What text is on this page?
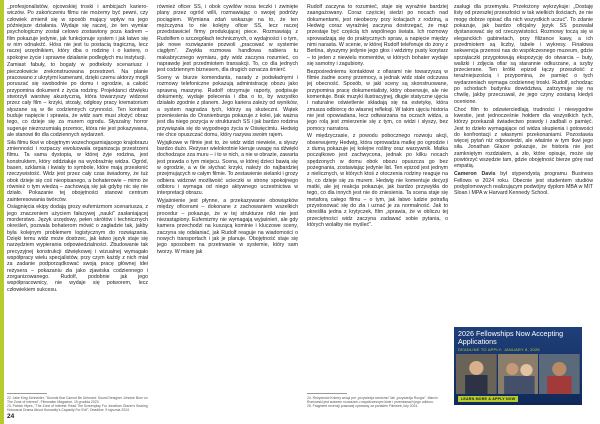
_profesjonalistów, ojcowskiej troski i ambicjach karierowiczów. Po zakończeniu filmu nie możemy być pewni, czy człowiek zmienił się w sposób mający wpływ na jego późniejsze działania. Wydaje się raczej, że ten wymiar psychologiczny został celowo zostawiony poza kadrem – film pokazuje jedynie, jak funkcjonuje system i jak łatwo się w nim odnaleźć. Höss nie jest tu postacią tragiczną, lecz raczej urzędnikiem, który dba o rodzinę i o karierę, o spokojne życie i sprawne działanie podległych mu instytucji.

Zamiast fabuły, to bogaty w podteksty scenariusz i pieczołowicie zrekonstruowana przestrzeń. Na planie pracowano z ukrytymi kamerami, dzięki czemu aktorzy mogli poruszać się swobodnie po domu i ogrodzie, a całość przypomina dokument z życia rodziny. Projektanci dźwięku stworzyli warstwę akustyczną, która towarzyszy widzowi przez cały film – krzyki, strzały, odgłosy pracy krematorium słyszane są w tle codziennych czynności. Ten kontrast buduje napięcie i sprawia, że widz sam musi złożyć obraz tego, co dzieje się za murem ogrodu. Słyszalny horror sugeruje niezrozumiałą przemoc, która nie jest pokazywana, ale stanowi tło dla codziennych wydarzeń.

Siła filmu tkwi w obojętnym wszechogarniającego krajobrazu zmienności i rozpaczy ewoluowała organizacja przestrzeni filmu. Ta sama dystopia, w której żyje rodzina, jest konstruktem, który oddziałuje na wyobraźnię widza. Ogród, basen, szklarnia i kwiaty to symbole, które mają przesłonić rzeczywistość. Widz jest przez cały czas świadomy, że tuż obok dzieje się coś nieopisanego, a bohaterowie – mimo że również o tym wiedzą – zachowują się jak gdyby nic się nie działo. Pokazanie tej obojętności stanowi centrum zainteresowania twórców.

Osiągnięcia ekipy dodają grozy eufemizmom scenariusza, z jego znaczeniem użyciem fałszywej „nauki” zasłaniającej morderstwo. Język urzędowy, pełen skrótów i technicznych określeń, pozwala bohaterom mówić o zagładzie tak, jakby była kolejnym problemem logistycznym do rozwiązania. Dzięki temu widz może dostrzec, jak łatwo język staje się narzędziem wypierania odpowiedzialności. Zbudowanie tak precyzyjnej konstrukcji dźwiękowej i wizualnej wymagało współpracy wielu specjalistów, przy czym każdy z nich miał za zadanie podporządkować swoją pracę głównej idei reżysera – pokazaniu zła jako zjawiska codziennego i zorganizowanego. Rudolf, podobnie jak jego współpracownicy, nie wydaje się potworem, lecz człowiekiem sukcesu.

również oficer SS, i obok cywilów nosa teczki i zwinięte plany przez ogród willi, rozmawiając o swojej podróży pociągiem. Wymiana zdań wskazuje na to, że ten mężczyzna to nie kolejny oficer SS, lecz raczej przedstawiciel firmy produkującej piece. Rozmawiają z Rudolfem o szczegółach technicznych, o wydajności i o tym, jak nowe rozwiązanie pozwoli „pracować w systemie ciągłym”. Zwykła rozmowa handlowa nabiera tu makabrycznego wymiaru, gdy widz zaczyna rozumieć, co naprawdę jest przedmiotem transakcji. To, co dla jednych jest codziennym biznesem, dla drugich oznacza śmierć.

Sceny w biurze komendanta, narady z podwładnymi i rozmowy telefoniczne pokazują administrację obozu jako sprawną maszynę. Rudolf otrzymuje raporty, podpisuje dokumenty, wydaje polecenia i dba o to, by wszystko działało zgodnie z planem. Jego kariera zależy od wyników, a system nagradza tych, którzy są skuteczni. Wątek przeniesienia do Oranienburga pokazuje z kolei, jak ważna jest dla niego pozycja w strukturach SS i jak bardzo rodzina przywiązała się do wygodnego życia w Oświęcimiu. Hedwig nie chce opuszczać domu, który nazywa swoim rajem.

Wyjątkowe w filmie jest to, że widz widzi niewiele, a słyszy bardzo dużo. Reżyser wielokrotnie kieruje uwagę na dźwięki dochodzące zza muru – i to w nich, a nie w obrazie, zawarta jest prawda o tym miejscu. Scena, w której dzieci bawią się w ogrodzie, a w tle słychać krzyki, należy do najbardziej przejmujących w całym filmie. To zestawienie sielanki i grozy odbiera widzowi możliwość ucieczki w stronę spokojnego odbioru i wymaga od niego aktywnego uczestnictwa w interpretacji obrazu.

Wyjaśnienie jest płynne, a przekazywanie obowiązków między oficerami – dokonane z zachowaniem wszelkich procedur – pokazuje, że w tej strukturze nikt nie jest niezastąpiony. Eufemizmy nie wymagają wyjaśnień, ale gdy kamera przechodzi na kuszącą kominie i kluczowe sceny, zaczyna się odsłaniać, jak Rudolf reaguje na wiadomości o nowych transportach i jak je planuje. Obojętność staje się jego sposobem na przetrwanie w systemie, który sam tworzy. W miarę jak

Rudolf zaczyna to rozumieć, staje się wyraźnie bardziej zaangażowany. Coraz częściej siedzi po nocach nad dokumentami, jest nieobecny przy kolacjach z rodziną, a Hedwig coraz wyraźniej zaczyna dostrzegać, że mąż przestaje być częścią ich wspólnego świata. Ich rozmowy sprowadzają się do praktycznych spraw, a napięcie między nimi narasta. W scenie, w której Rudolf telefonuje do żony z Berlina, słyszymy jedynie jego głos i widzimy pusty korytarz – to jeden z niewielu momentów, w których bohater wydaje się samotny i zagubiony.

Bezpośredniemu kontaktowi z ofiarami nie towarzyszą w filmie żadne sceny przemocy, a jednak widz stale odczuwa jej obecność. Sposób, w jaki sceny są skonstruowane, przypomina pracę dokumentalisty, który obserwuje, ale nie komentuje. Brak muzyki ilustracyjnej, długie statyczne ujęcia i naturalne oświetlenie składają się na estetykę, która zmusza odbiorcę do własnej refleksji. W takim ujęciu historia nie jest opowiadana, lecz odtwarzana na oczach widza, a jego rolą jest zmierzenie się z tym, co widzi i słyszy, bez pomocy narratora.

W międzyczasie, z powodu pobocznego rozwoju akcji, obserwujemy Hedwig, która oprowadza matkę po ogrodzie i z dumą pokazuje jej kolejne rośliny oraz warzywnik. Matka początkowo jest zachwycona, jednak po kilku nocach spędzonych w domu obok obozu opuszcza go bez pożegnania, zostawiając jedynie list. Ten epizod jest jednym z nielicznych, w których ktoś z otoczenia rodziny reaguje na to, co dzieje się za murem. Hedwig nie komentuje decyzji matki, ale jej reakcja pokazuje, jak bardzo przywykła do tego, co dla innych jest nie do zniesienia. Ta scena staje się metaforą całego filmu – o tym, jak łatwo ludzie potrafią przystosować się do zła i uznać je za normalność. Jak to określiła jedna z krytyczek, film „sprawia, że w obliczu tej przeciętności widz zaczyna zadawać sobie pytania, o których wolałby nie myśleć”.

zasługi dla przemysłu. Przełożony wykrzykuje: „Dostaję listy od przeszłej przeszłości w tak wielkich ilościach, że nie mogę dobrze opisać dla nich wszystkich uczuć”. To zdanie pokazuje, jak bardzo oficjalny język SS pozwalał dystansować się od rzeczywistości. Rozmowy toczą się w eleganckich gabinetach, przy filiżance kawy, a ich przedmiotem są liczby, tabele i wykresy. Finałowa sekwencja przenosi nas do współczesnego muzeum, gdzie sprzątaczki przygotowują ekspozycję do otwarcia – buty, walizki i zdjęcia ofiar są starannie odkurzane, a szyby przecierane. Ten krótki epizod łączy przeszłość z teraźniejszością i przypomina, że pamięć o tych wydarzeniach wymaga codziennej troski. Rudolf, schodząc po schodach budynku dowództwa, zatrzymuje się na chwilę, jakby przeczuwał, że jego czyny zostaną kiedyś ocenione.

Choć film to odzwierciedlają trudności i niewygodne kwestie, jest jednocześnie hołdem dla wszystkich tych, którzy przekazali świadectwo prawdy i zadbali o pamięć. Jest to dzieło wymagające od widza skupienia i gotowości do konfrontacji z własnymi przekonaniami. Pozostawia więcej pytań niż odpowiedzi, ale właśnie w tym tkwi jego siła. Jonathan Glazer pokazuje, że historia nie jest zamkniętym rozdziałem, a zło, które opisuje, może się powtórzyć wszędzie tam, gdzie obojętność bierze górę nad empatią.

Cameron Davis był stypendystą programu Business Fellows w 2024 roku. Obecnie jest studentem studiów podyplomowych realizującym podwójny dyplom MBA w MIT Sloan i MPA w Harvard Kennedy School.

22. Jake King-Schneider, "Sounds that Cannot Be Unheard: Sound Designer Johnnie Burn on The Zone of Interest", Filmmaker Magazine, 15 grudnia 2023.

23. Patrick Hipes, "The Zone of Interest: Read The Screenplay For Jonathan Glazer's Searing Holocaust Drama About Humanity's Capacity For Evil", Deadline, 9 stycznia 2024.

24. Reżyserów Kokery wciąż pre „przywieźja randomu” tak „przywieźja Rozgrz”. Marcin Rumowski jest autorem rozważań o współczesnym kinie i przemianach jego odbioru.

25. Fragment recenzji prasowej cytowany za portalem Filmweb, luty 2024.

24
2026 Fellowships Now Accepting Applications
DEADLINE TO APPLY: JANUARY 8, 2026
LEARN MORE & APPLY NOW
